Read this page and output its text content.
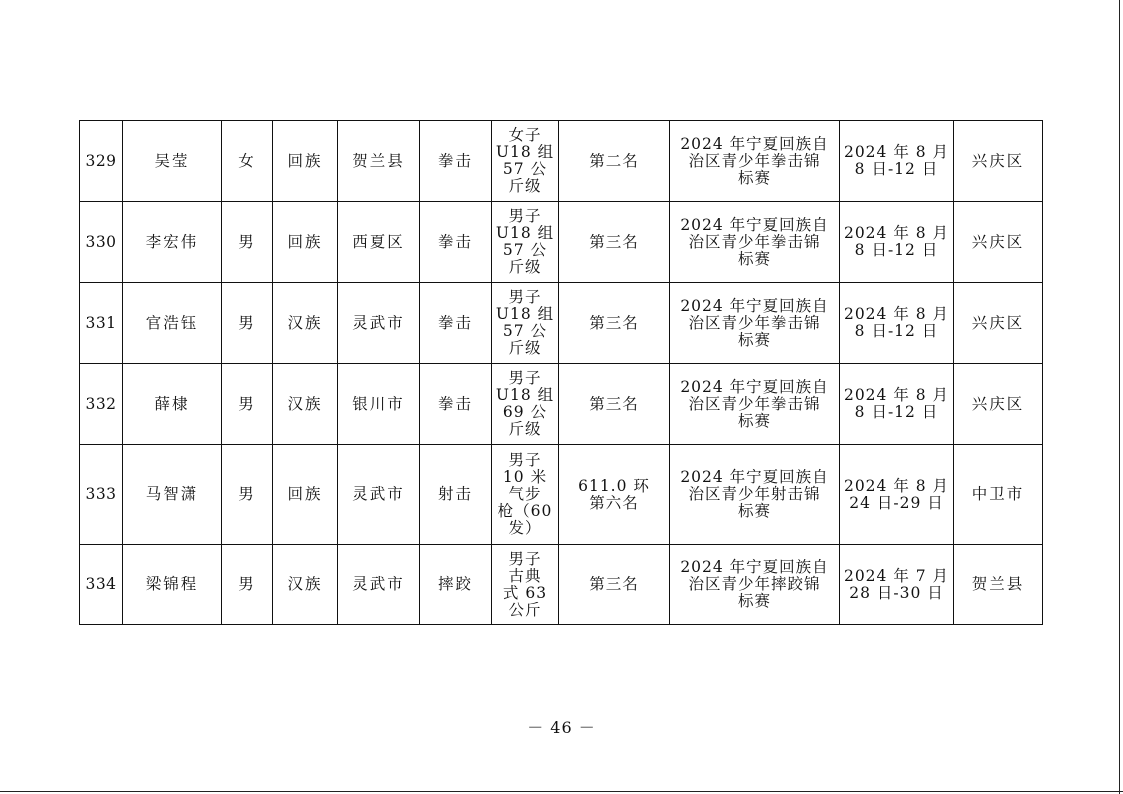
329	吴莹	女	回族	贺兰县	拳击	女子
U18 组
57 公
斤级	第二名	2024 年宁夏回族自
治区青少年拳击锦
标赛	2024 年 8 月
8 日-12 日	兴庆区
330	李宏伟	男	回族	西夏区	拳击	男子
U18 组
57 公
斤级	第三名	2024 年宁夏回族自
治区青少年拳击锦
标赛	2024 年 8 月
8 日-12 日	兴庆区
331	官浩钰	男	汉族	灵武市	拳击	男子
U18 组
57 公
斤级	第三名	2024 年宁夏回族自
治区青少年拳击锦
标赛	2024 年 8 月
8 日-12 日	兴庆区
332	薛棣	男	汉族	银川市	拳击	男子
U18 组
69 公
斤级	第三名	2024 年宁夏回族自
治区青少年拳击锦
标赛	2024 年 8 月
8 日-12 日	兴庆区
333	马智潇	男	回族	灵武市	射击	男子
10 米
气步
枪（60
发）	611.0 环
第六名	2024 年宁夏回族自
治区青少年射击锦
标赛	2024 年 8 月
24 日-29 日	中卫市
334	梁锦程	男	汉族	灵武市	摔跤	男子
古典
式 63
公斤	第三名	2024 年宁夏回族自
治区青少年摔跤锦
标赛	2024 年 7 月
28 日-30 日	贺兰县
－ 46 －
